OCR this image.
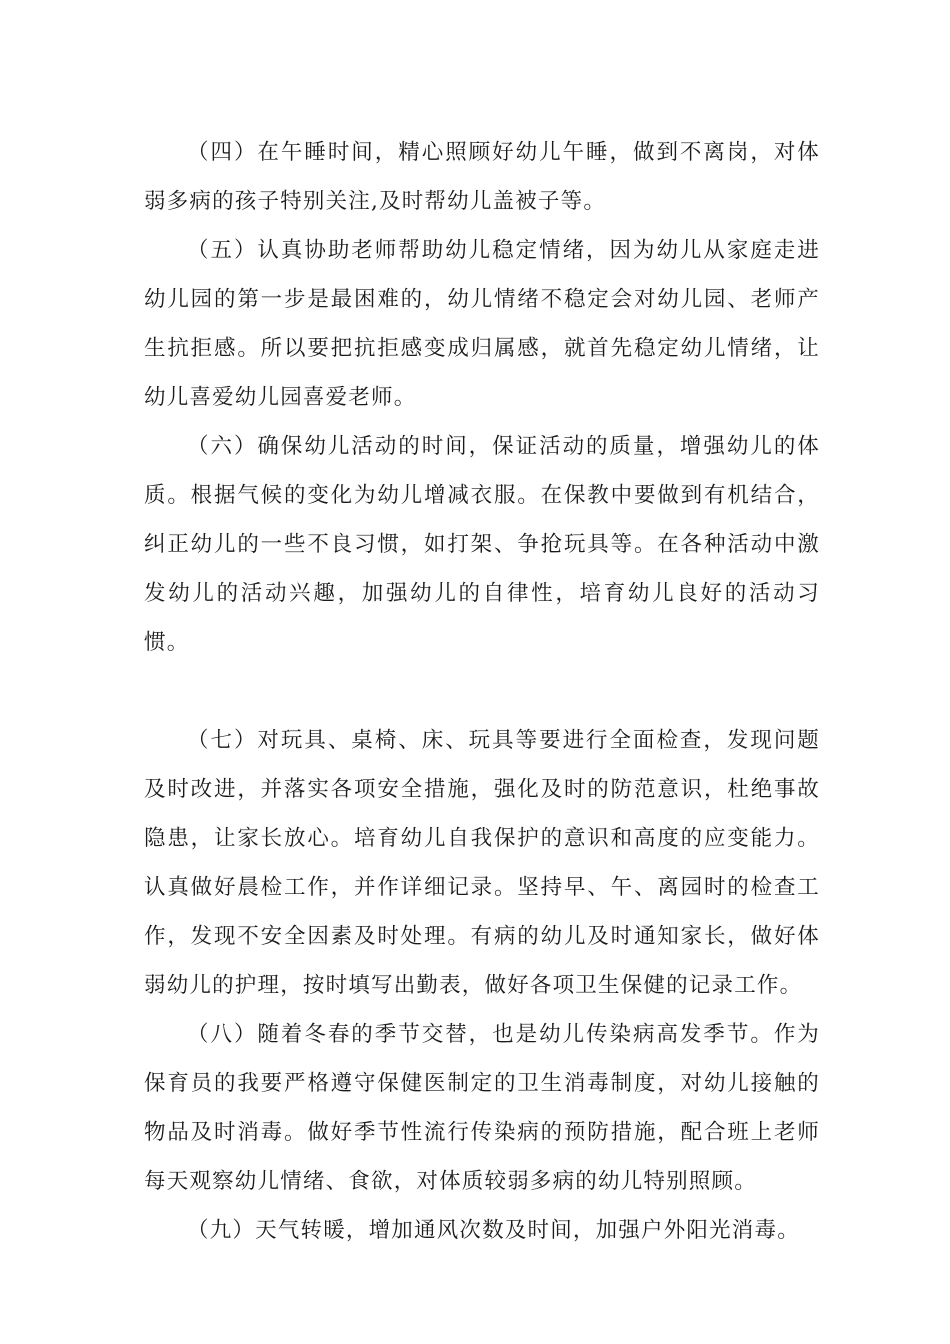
（四）在午睡时间，精心照顾好幼儿午睡，做到不离岗，对体弱多病的孩子特别关注,及时帮幼儿盖被子等。

（五）认真协助老师帮助幼儿稳定情绪，因为幼儿从家庭走进幼儿园的第一步是最困难的，幼儿情绪不稳定会对幼儿园、老师产生抗拒感。所以要把抗拒感变成归属感，就首先稳定幼儿情绪，让幼儿喜爱幼儿园喜爱老师。

（六）确保幼儿活动的时间，保证活动的质量，增强幼儿的体质。根据气候的变化为幼儿增减衣服。在保教中要做到有机结合，纠正幼儿的一些不良习惯，如打架、争抢玩具等。在各种活动中激发幼儿的活动兴趣，加强幼儿的自律性，培育幼儿良好的活动习惯。

（七）对玩具、桌椅、床、玩具等要进行全面检查，发现问题及时改进，并落实各项安全措施，强化及时的防范意识，杜绝事故隐患，让家长放心。培育幼儿自我保护的意识和高度的应变能力。认真做好晨检工作，并作详细记录。坚持早、午、离园时的检查工作，发现不安全因素及时处理。有病的幼儿及时通知家长，做好体弱幼儿的护理，按时填写出勤表，做好各项卫生保健的记录工作。

（八）随着冬春的季节交替，也是幼儿传染病高发季节。作为保育员的我要严格遵守保健医制定的卫生消毒制度，对幼儿接触的物品及时消毒。做好季节性流行传染病的预防措施，配合班上老师每天观察幼儿情绪、食欲，对体质较弱多病的幼儿特别照顾。

（九）天气转暖，增加通风次数及时间，加强户外阳光消毒。
